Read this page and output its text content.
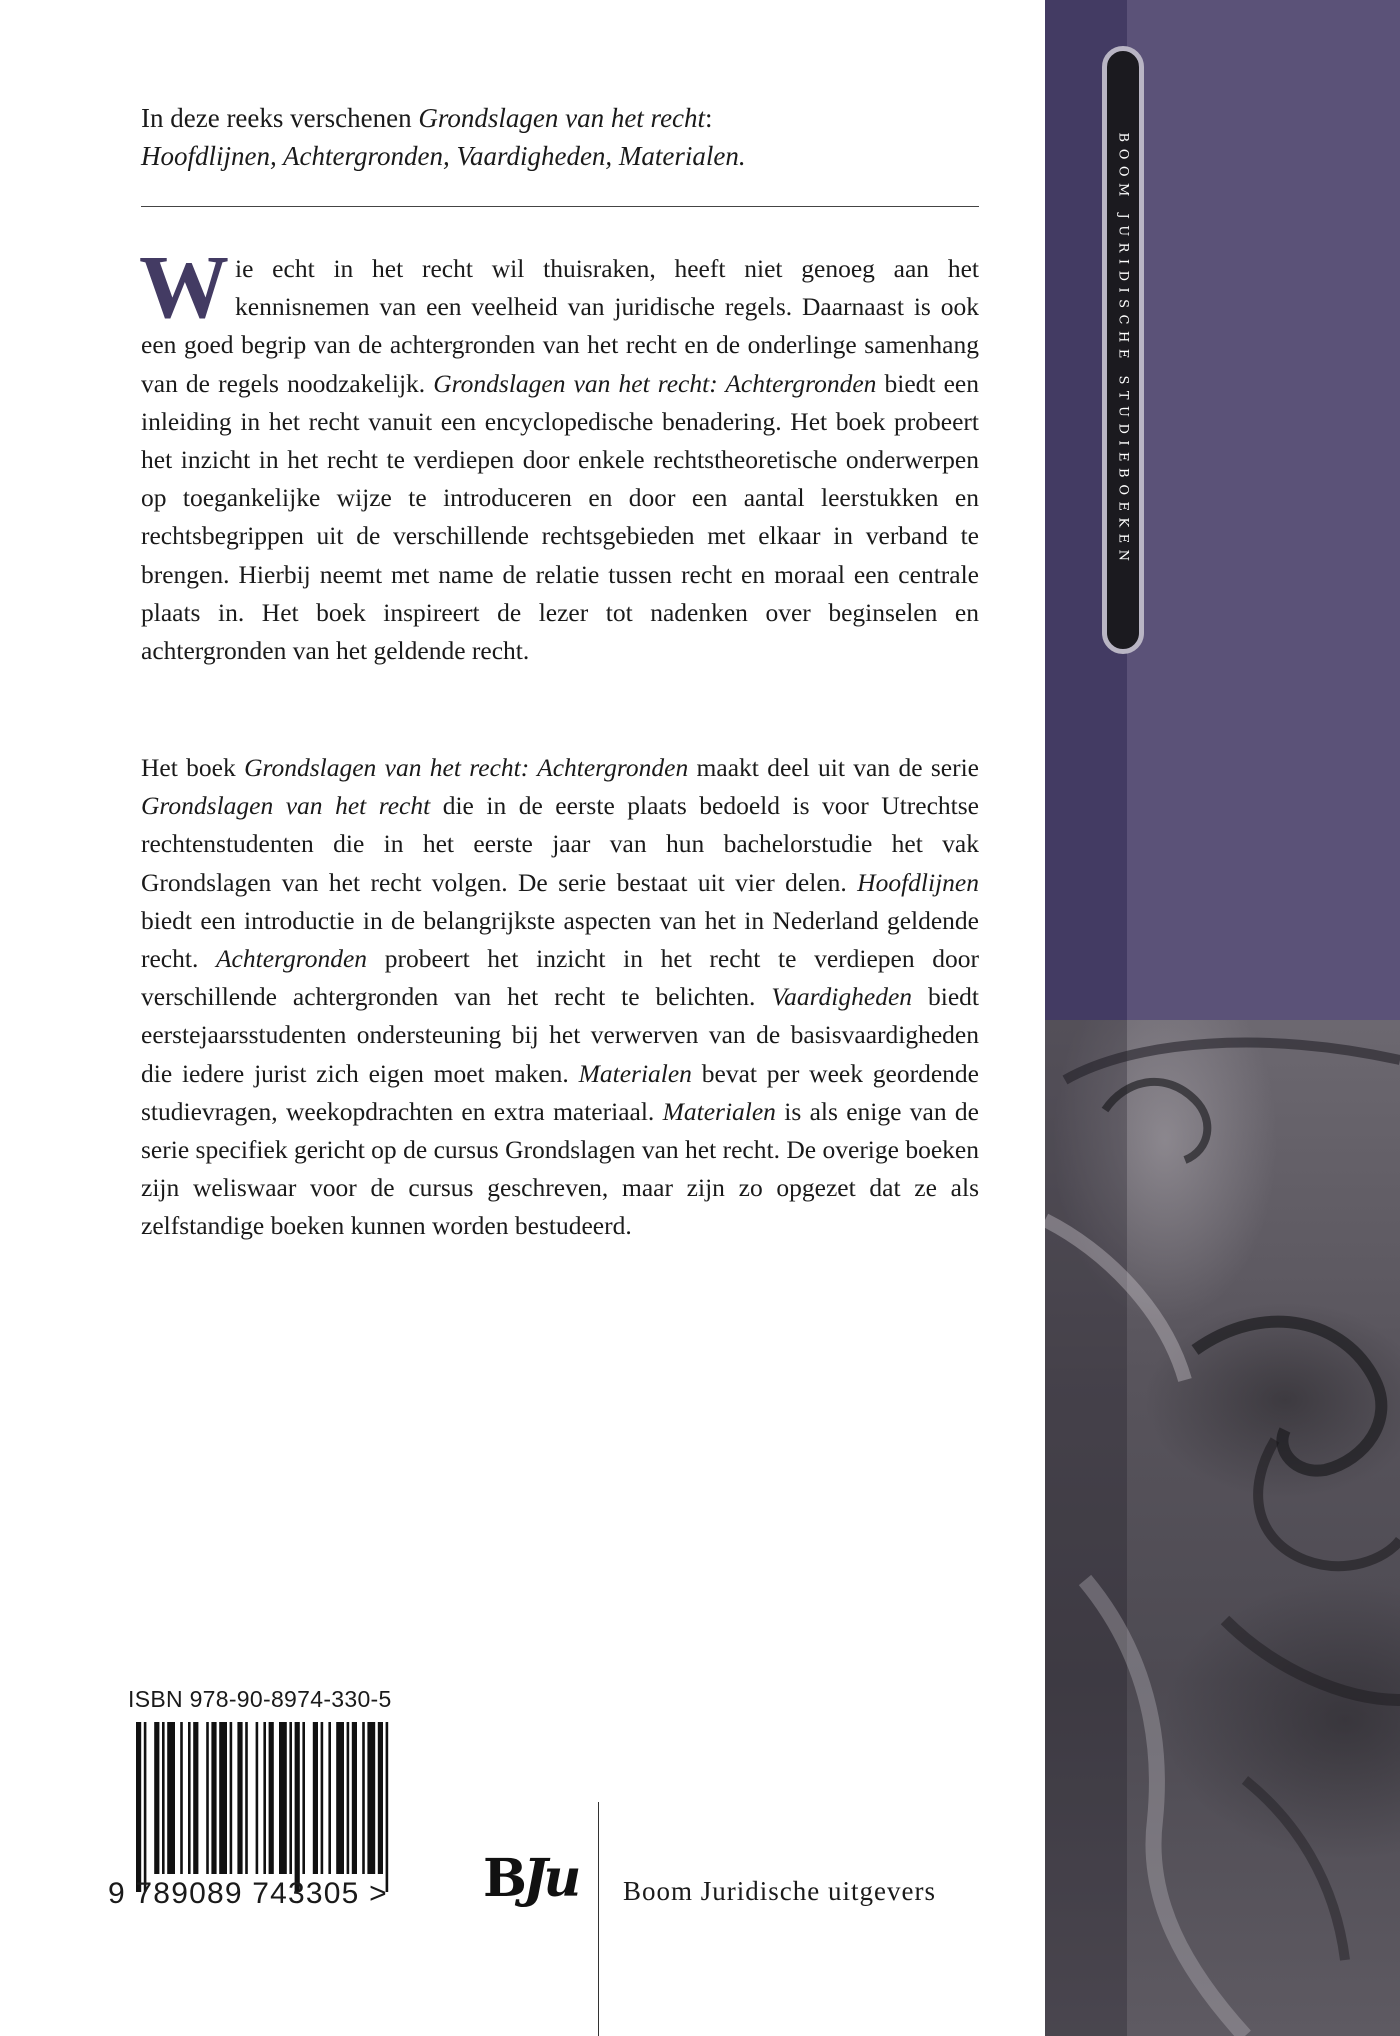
BOOM JURIDISCHE STUDIEBOEKEN
In deze reeks verschenen Grondslagen van het recht:
Hoofdlijnen, Achtergronden, Vaardigheden, Materialen.
Wie echt in het recht wil thuisraken, heeft niet genoeg aan het kennisnemen van een veelheid van juridische regels. Daarnaast is ook een goed begrip van de achtergronden van het recht en de onderlinge samenhang van de regels noodzakelijk. Grondslagen van het recht: Achtergronden biedt een inleiding in het recht vanuit een encyclopedische benadering. Het boek probeert het inzicht in het recht te verdiepen door enkele rechtstheoretische onderwerpen op toegankelijke wijze te introduceren en door een aantal leerstukken en rechtsbegrippen uit de verschillende rechtsgebieden met elkaar in verband te brengen. Hierbij neemt met name de relatie tussen recht en moraal een centrale plaats in. Het boek inspireert de lezer tot nadenken over beginselen en achtergronden van het geldende recht.
Het boek Grondslagen van het recht: Achtergronden maakt deel uit van de serie Grondslagen van het recht die in de eerste plaats bedoeld is voor Utrechtse rechtenstudenten die in het eerste jaar van hun bachelorstudie het vak Grondslagen van het recht volgen. De serie bestaat uit vier delen. Hoofdlijnen biedt een introductie in de belangrijkste aspecten van het in Nederland geldende recht. Achtergronden probeert het inzicht in het recht te verdiepen door verschillende achtergronden van het recht te belichten. Vaardigheden biedt eerstejaarsstudenten ondersteuning bij het verwerven van de basisvaardigheden die iedere jurist zich eigen moet maken. Materialen bevat per week geordende studievragen, weekopdrachten en extra materiaal. Materialen is als enige van de serie specifiek gericht op de cursus Grondslagen van het recht. De overige boeken zijn weliswaar voor de cursus geschreven, maar zijn zo opgezet dat ze als zelfstandige boeken kunnen worden bestudeerd.
ISBN 978-90-8974-330-5
9 789089 743305 > BJu Boom Juridische uitgevers
